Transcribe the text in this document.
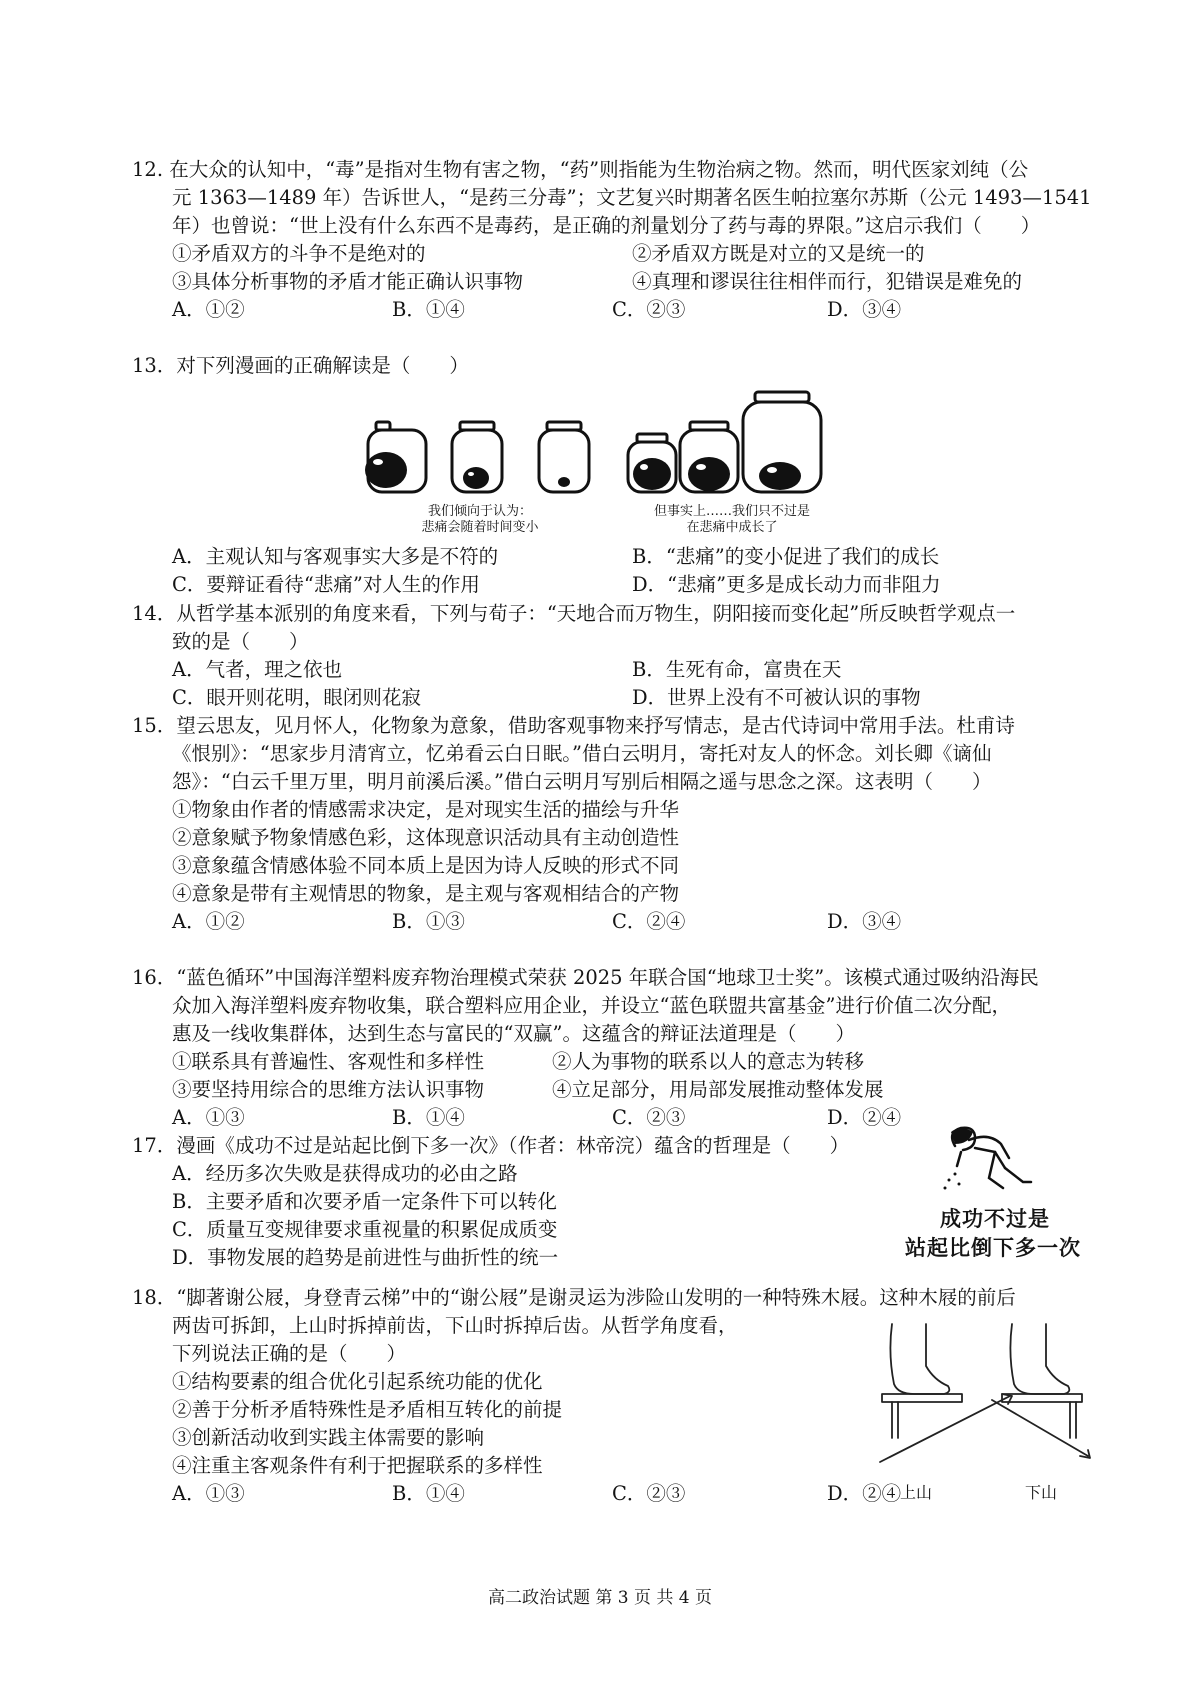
12. 在大众的认知中，“毒”是指对生物有害之物，“药”则指能为生物治病之物。然而，明代医家刘纯（公
元 1363—1489 年）告诉世人，“是药三分毒”；文艺复兴时期著名医生帕拉塞尔苏斯（公元 1493—1541
年）也曾说：“世上没有什么东西不是毒药，是正确的剂量划分了药与毒的界限。”这启示我们（　　）
①矛盾双方的斗争不是绝对的	②矛盾双方既是对立的又是统一的
③具体分析事物的矛盾才能正确认识事物	④真理和谬误往往相伴而行，犯错误是难免的
A．①②	B．①④	C．②③	D．③④
13．对下列漫画的正确解读是（　　）
我们倾向于认为：
悲痛会随着时间变小
但事实上……我们只不过是
在悲痛中成长了
A．主观认知与客观事实大多是不符的	B．“悲痛”的变小促进了我们的成长
C．要辩证看待“悲痛”对人生的作用	D．“悲痛”更多是成长动力而非阻力
14．从哲学基本派别的角度来看，下列与荀子：“天地合而万物生，阴阳接而变化起”所反映哲学观点一
致的是（　　）
A．气者，理之依也	B．生死有命，富贵在天
C．眼开则花明，眼闭则花寂	D．世界上没有不可被认识的事物
15．望云思友，见月怀人，化物象为意象，借助客观事物来抒写情志，是古代诗词中常用手法。杜甫诗
《恨别》：“思家步月清宵立，忆弟看云白日眠。”借白云明月，寄托对友人的怀念。刘长卿《谪仙
怨》：“白云千里万里，明月前溪后溪。”借白云明月写别后相隔之遥与思念之深。这表明（　　）
①物象由作者的情感需求决定，是对现实生活的描绘与升华
②意象赋予物象情感色彩，这体现意识活动具有主动创造性
③意象蕴含情感体验不同本质上是因为诗人反映的形式不同
④意象是带有主观情思的物象，是主观与客观相结合的产物
A．①②	B．①③	C．②④	D．③④
16．“蓝色循环”中国海洋塑料废弃物治理模式荣获 2025 年联合国“地球卫士奖”。该模式通过吸纳沿海民
众加入海洋塑料废弃物收集，联合塑料应用企业，并设立“蓝色联盟共富基金”进行价值二次分配，
惠及一线收集群体，达到生态与富民的“双赢”。这蕴含的辩证法道理是（　　）
①联系具有普遍性、客观性和多样性	②人为事物的联系以人的意志为转移
③要坚持用综合的思维方法认识事物	④立足部分，用局部发展推动整体发展
A．①③	B．①④	C．②③	D．②④
17．漫画《成功不过是站起比倒下多一次》（作者：林帝浣）蕴含的哲理是（　　）
A．经历多次失败是获得成功的必由之路
B．主要矛盾和次要矛盾一定条件下可以转化
C．质量互变规律要求重视量的积累促成质变
D．事物发展的趋势是前进性与曲折性的统一
成功不过是
站起比倒下多一次
18．“脚著谢公屐，身登青云梯”中的“谢公屐”是谢灵运为涉险山发明的一种特殊木屐。这种木屐的前后
两齿可拆卸，上山时拆掉前齿，下山时拆掉后齿。从哲学角度看，
下列说法正确的是（　　）
①结构要素的组合优化引起系统功能的优化
②善于分析矛盾特殊性是矛盾相互转化的前提
③创新活动收到实践主体需要的影响
④注重主客观条件有利于把握联系的多样性
A．①③	B．①④	C．②③	D．②④
上山	下山
高二政治试题 第 3 页 共 4 页
